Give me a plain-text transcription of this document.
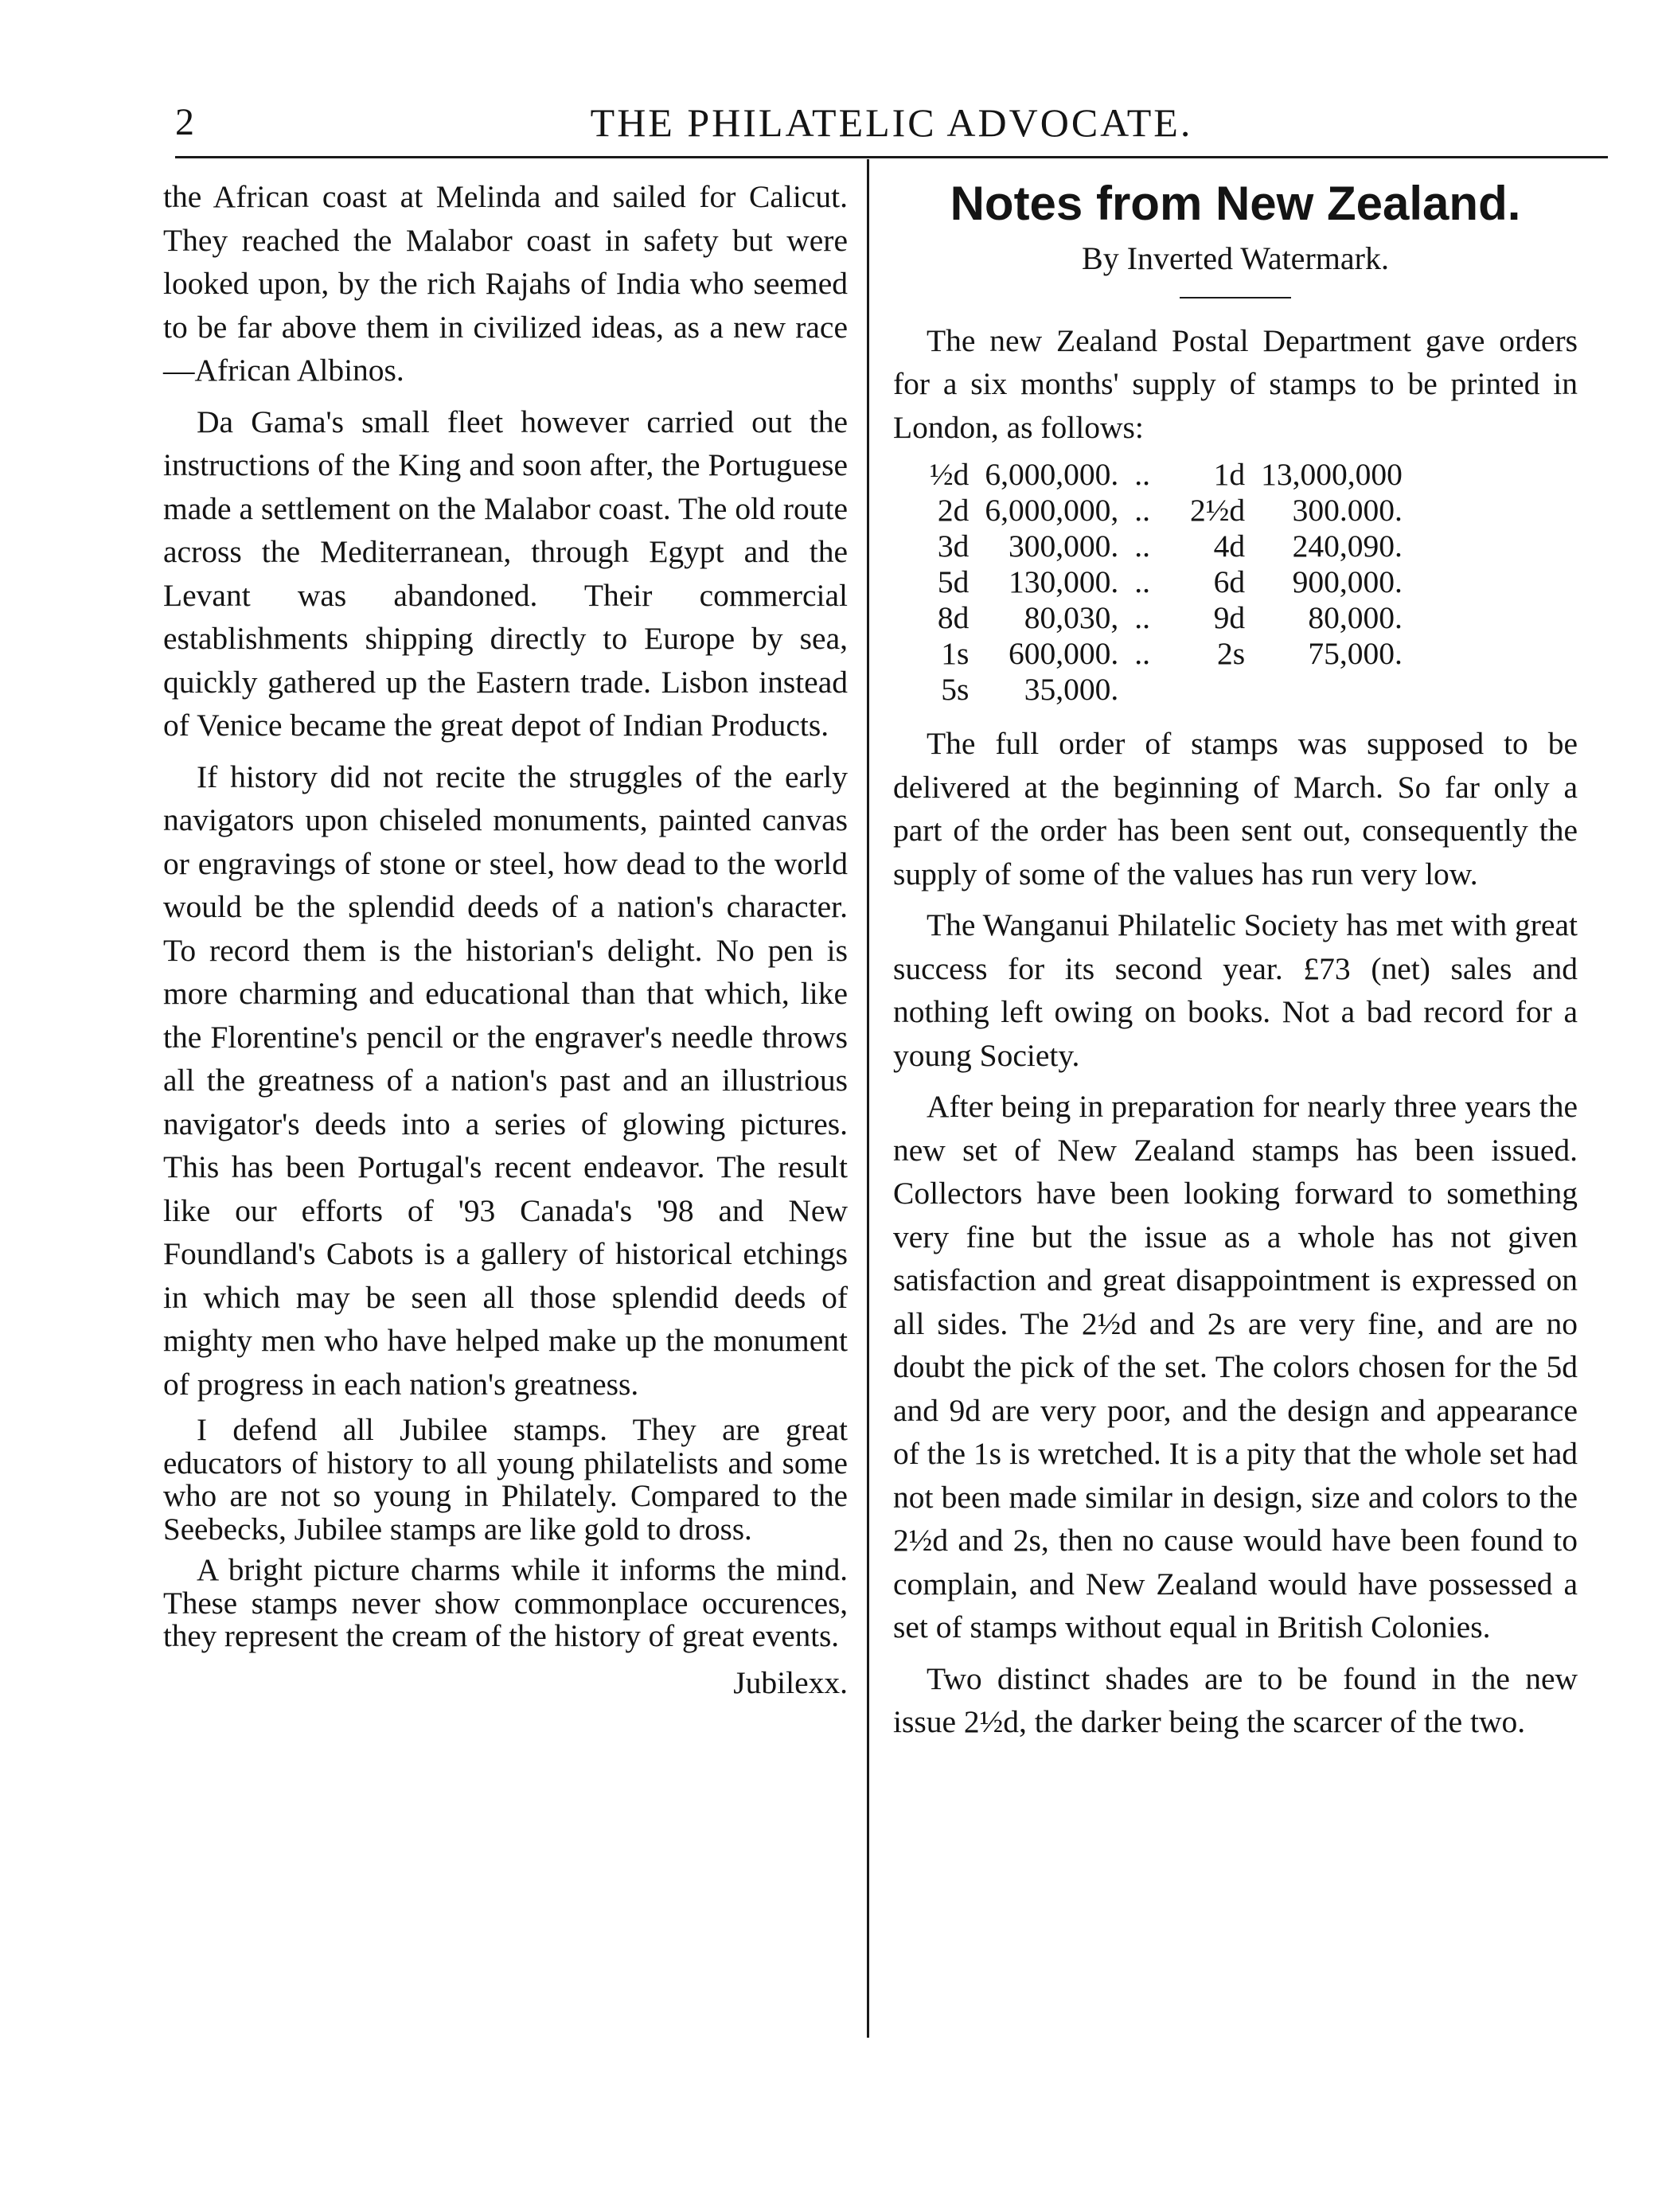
2	THE PHILATELIC ADVOCATE.

the African coast at Melinda and sailed for Calicut. They reached the Malabor coast in safety but were looked upon, by the rich Rajahs of India who seemed to be far above them in civilized ideas, as a new race —African Albinos.

Da Gama's small fleet however carried out the instructions of the King and soon after, the Portuguese made a settlement on the Malabor coast. The old route across the Mediterranean, through Egypt and the Levant was abandoned. Their commercial establishments shipping directly to Europe by sea, quickly gathered up the Eastern trade. Lisbon instead of Venice became the great depot of Indian Products.

If history did not recite the struggles of the early navigators upon chiseled monuments, painted canvas or engravings of stone or steel, how dead to the world would be the splendid deeds of a nation's character. To record them is the historian's delight. No pen is more charming and educational than that which, like the Florentine's pencil or the engraver's needle throws all the greatness of a nation's past and an illustrious navigator's deeds into a series of glowing pictures. This has been Portugal's recent endeavor. The result like our efforts of '93 Canada's '98 and New Foundland's Cabots is a gallery of historical etchings in which may be seen all those splendid deeds of mighty men who have helped make up the monument of progress in each nation's greatness.

I defend all Jubilee stamps. They are great educators of history to all young philatelists and some who are not so young in Philately. Compared to the Seebecks, Jubilee stamps are like gold to dross.

A bright picture charms while it informs the mind. These stamps never show commonplace occurences, they represent the cream of the history of great events.

Jubilexx.
Notes from New Zealand.
By Inverted Watermark.

The new Zealand Postal Department gave orders for a six months' supply of stamps to be printed in London, as follows:

½d	6,000,000.	..	1d	13,000,000
2d	6,000,000,	..	2½d	300.000.
3d	300,000.	..	4d	240,090.
5d	130,000.	..	6d	900,000.
8d	80,030,	..	9d	80,000.
1s	600,000.	..	2s	75,000.
5s	35,000.			

The full order of stamps was supposed to be delivered at the beginning of March. So far only a part of the order has been sent out, consequently the supply of some of the values has run very low.

The Wanganui Philatelic Society has met with great success for its second year. £73 (net) sales and nothing left owing on books. Not a bad record for a young Society.

After being in preparation for nearly three years the new set of New Zealand stamps has been issued. Collectors have been looking forward to something very fine but the issue as a whole has not given satisfaction and great disappointment is expressed on all sides. The 2½d and 2s are very fine, and are no doubt the pick of the set. The colors chosen for the 5d and 9d are very poor, and the design and appearance of the 1s is wretched. It is a pity that the whole set had not been made similar in design, size and colors to the 2½d and 2s, then no cause would have been found to complain, and New Zealand would have possessed a set of stamps without equal in British Colonies.

Two distinct shades are to be found in the new issue 2½d, the darker being the scarcer of the two.
